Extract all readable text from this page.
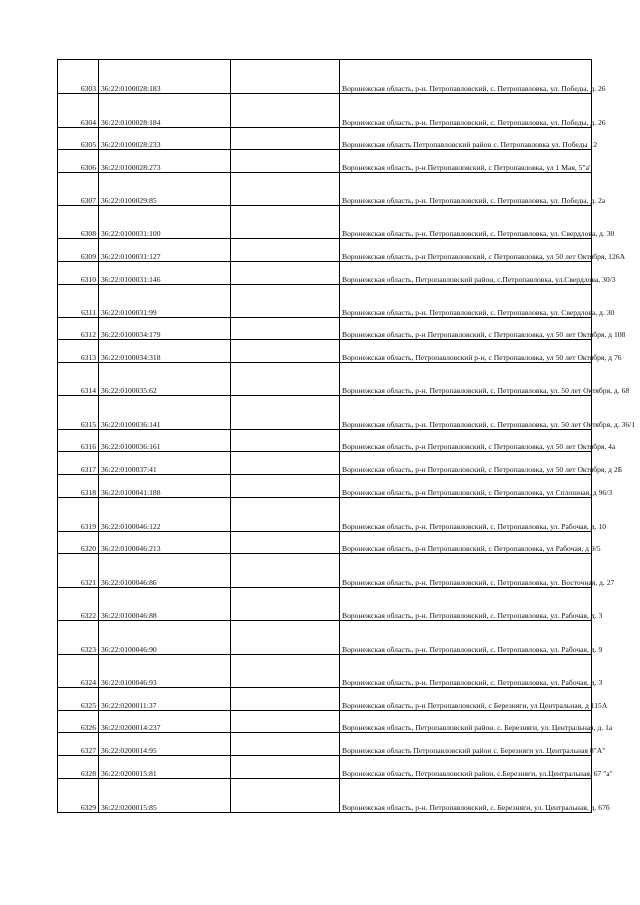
6303	36:22:0100028:183		Воронежская область, р-н. Петропавловский, с. Петропавловка, ул. Победы, д. 26
6304	36:22:0100028:184		Воронежская область, р-н. Петропавловский, с. Петропавловка, ул. Победы, д. 26
6305	36:22:0100028:233		Воронежская область Петропавловский район с. Петропавловка ул. Победы 12
6306	36:22:0100028:273		Воронежская область, р-н Петропавловский, с Петропавловка, ул 1 Мая, 5"а"
6307	36:22:0100029:85		Воронежская область, р-н. Петропавловский, с. Петропавловка, ул. Победы, д. 2а
6308	36:22:0100031:100		Воронежская область, р-н. Петропавловский, с. Петропавловка, ул. Свердлова, д. 30
6309	36:22:0100031:127		Воронежская область, р-н Петропавловский, с Петропавловка, ул 50 лет Октября, 126А
6310	36:22:0100031:146		Воронежская область, Петропавловский район, с.Петропавловка, ул.Свердлова, 30/3
6311	36:22:0100031:99		Воронежская область, р-н. Петропавловский, с. Петропавловка, ул. Свердлова, д. 30
6312	36:22:0100034:179		Воронежская область, р-н Петропавловский, с Петропавловка, ул 50 лет Октября, д 108
6313	36:22:0100034:318		Воронежская область, Петропавловский р-н, с Петропавловка, ул 50 лет Октября, д 76
6314	36:22:0100035:62		Воронежская область, р-н. Петропавловский, с. Петропавловка, ул. 50 лет Октября, д. 68
6315	36:22:0100036:141		Воронежская область, р-н. Петропавловский, с. Петропавловка, ул. 50 лет Октября, д. 36/1
6316	36:22:0100036:161		Воронежская область, р-н Петропавловский, с Петропавловка, ул 50 лет Октября, 4а
6317	36:22:0100037:41		Воронежская область, р-н Петропавловский, с Петропавловка, ул 50 лет Октября, д 2Б
6318	36:22:0100041:188		Воронежская область, р-н Петропавловский, с Петропавловка, ул Сплошная, д 96/3
6319	36:22:0100046:122		Воронежская область, р-н. Петропавловский, с. Петропавловка, ул. Рабочая, д. 10
6320	36:22:0100046:213		Воронежская область, р-н Петропавловский, с Петропавловка, ул Рабочая, д 9/5
6321	36:22:0100046:86		Воронежская область, р-н. Петропавловский, с. Петропавловка, ул. Восточная, д. 27
6322	36:22:0100046:88		Воронежская область, р-н. Петропавловский, с. Петропавловка, ул. Рабочая, д. 3
6323	36:22:0100046:90		Воронежская область, р-н. Петропавловский, с. Петропавловка, ул. Рабочая, д. 9
6324	36:22:0100046:93		Воронежская область, р-н. Петропавловский, с. Петропавловка, ул. Рабочая, д. 3
6325	36:22:0200011:37		Воронежская область, р-н Петропавловский, с Березняги, ул Центральная, д 115А
6326	36:22:0200014:237		Воронежская область, Петропавловский район. с. Березняги, ул. Центральная, д. 1а
6327	36:22:0200014:95		Воронежская область Петропавловский район с. Березняги ул. Центральная 8"А"
6328	36:22:0200015:81		Воронежская область, Петропавловский район, с.Березняги, ул.Центральная, 67 "а"
6329	36:22:0200015:85		Воронежская область, р-н. Петропавловский, с. Березняги, ул. Центральная, д. 67б
